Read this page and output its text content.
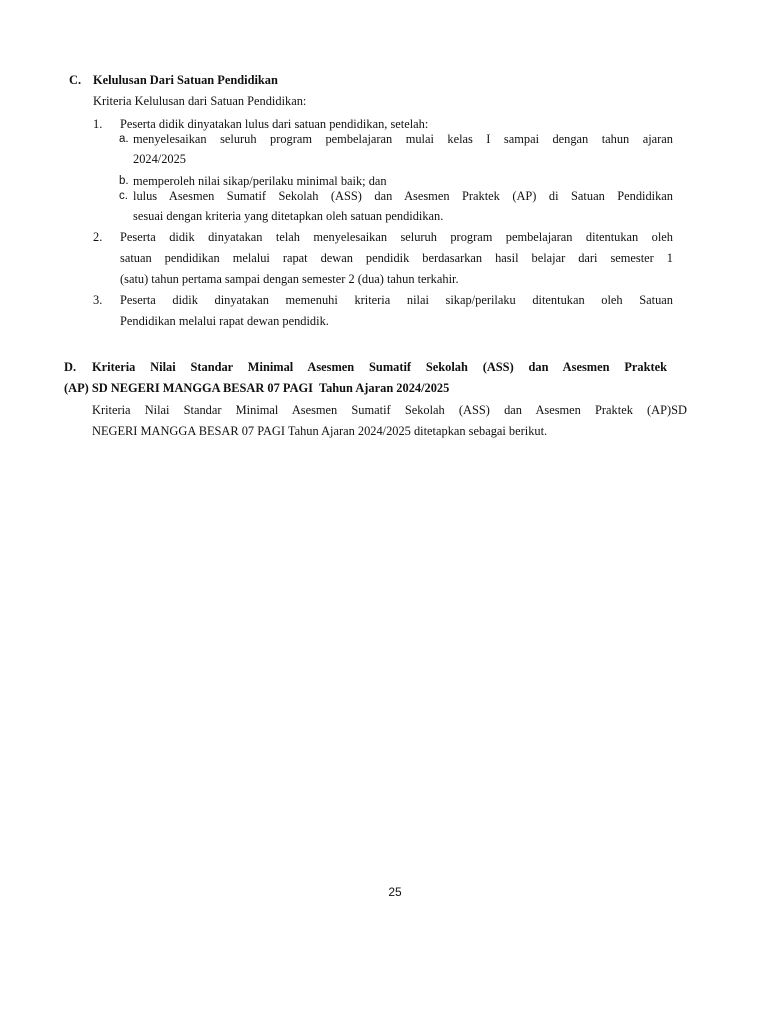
C. Kelulusan Dari Satuan Pendidikan
Kriteria Kelulusan dari Satuan Pendidikan:
1. Peserta didik dinyatakan lulus dari satuan pendidikan, setelah:
a. menyelesaikan seluruh program pembelajaran mulai kelas I sampai dengan tahun ajaran
2024/2025
b. memperoleh nilai sikap/perilaku minimal baik; dan
c. lulus Asesmen Sumatif Sekolah (ASS) dan Asesmen Praktek (AP) di Satuan Pendidikan
sesuai dengan kriteria yang ditetapkan oleh satuan pendidikan.
2. Peserta didik dinyatakan telah menyelesaikan seluruh program pembelajaran ditentukan oleh
satuan pendidikan melalui rapat dewan pendidik berdasarkan hasil belajar dari semester 1
(satu) tahun pertama sampai dengan semester 2 (dua) tahun terkahir.
3. Peserta didik dinyatakan memenuhi kriteria nilai sikap/perilaku ditentukan oleh Satuan
Pendidikan melalui rapat dewan pendidik.
D. Kriteria Nilai Standar Minimal Asesmen Sumatif Sekolah (ASS) dan Asesmen Praktek
(AP) SD NEGERI MANGGA BESAR 07 PAGI  Tahun Ajaran 2024/2025
Kriteria Nilai Standar Minimal Asesmen Sumatif Sekolah (ASS) dan Asesmen Praktek (AP)SD
NEGERI MANGGA BESAR 07 PAGI Tahun Ajaran 2024/2025 ditetapkan sebagai berikut.
25
